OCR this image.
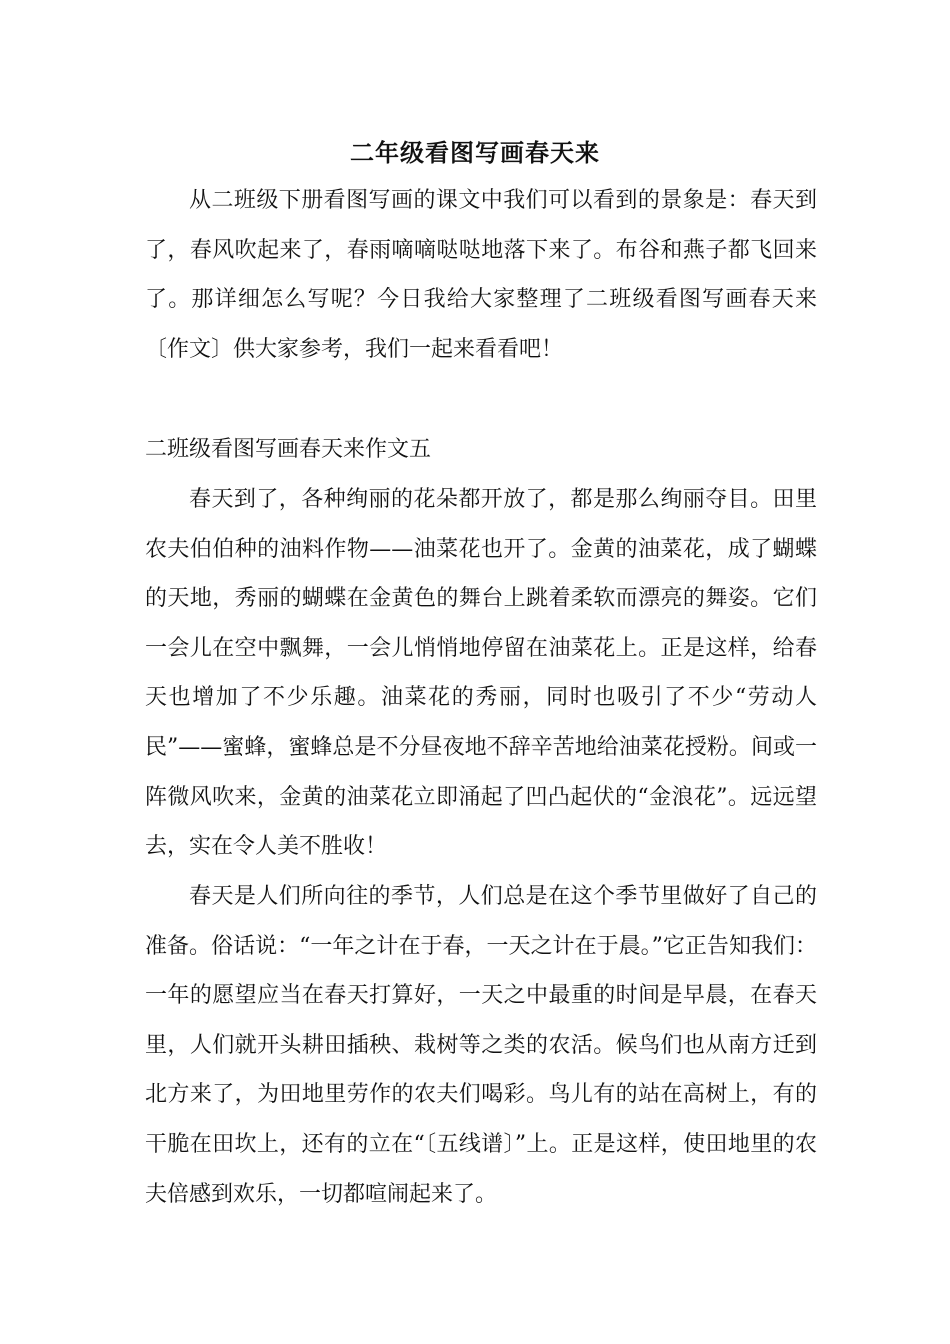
二年级看图写画春天来

从二班级下册看图写画的课文中我们可以看到的景象是：春天到了，春风吹起来了，春雨嘀嘀哒哒地落下来了。布谷和燕子都飞回来了。那详细怎么写呢？今日我给大家整理了二班级看图写画春天来〔作文〕供大家参考，我们一起来看看吧！

二班级看图写画春天来作文五

春天到了，各种绚丽的花朵都开放了，都是那么绚丽夺目。田里农夫伯伯种的油料作物——油菜花也开了。金黄的油菜花，成了蝴蝶的天地，秀丽的蝴蝶在金黄色的舞台上跳着柔软而漂亮的舞姿。它们一会儿在空中飘舞，一会儿悄悄地停留在油菜花上。正是这样，给春天也增加了不少乐趣。油菜花的秀丽，同时也吸引了不少“劳动人民”——蜜蜂，蜜蜂总是不分昼夜地不辞辛苦地给油菜花授粉。间或一阵微风吹来，金黄的油菜花立即涌起了凹凸起伏的“金浪花”。远远望去，实在令人美不胜收！

春天是人们所向往的季节，人们总是在这个季节里做好了自己的准备。俗话说：“一年之计在于春，一天之计在于晨。”它正告知我们：一年的愿望应当在春天打算好，一天之中最重的时间是早晨，在春天里，人们就开头耕田插秧、栽树等之类的农活。候鸟们也从南方迁到北方来了，为田地里劳作的农夫们喝彩。鸟儿有的站在高树上，有的干脆在田坎上，还有的立在“〔五线谱〕”上。正是这样，使田地里的农夫倍感到欢乐，一切都喧闹起来了。
